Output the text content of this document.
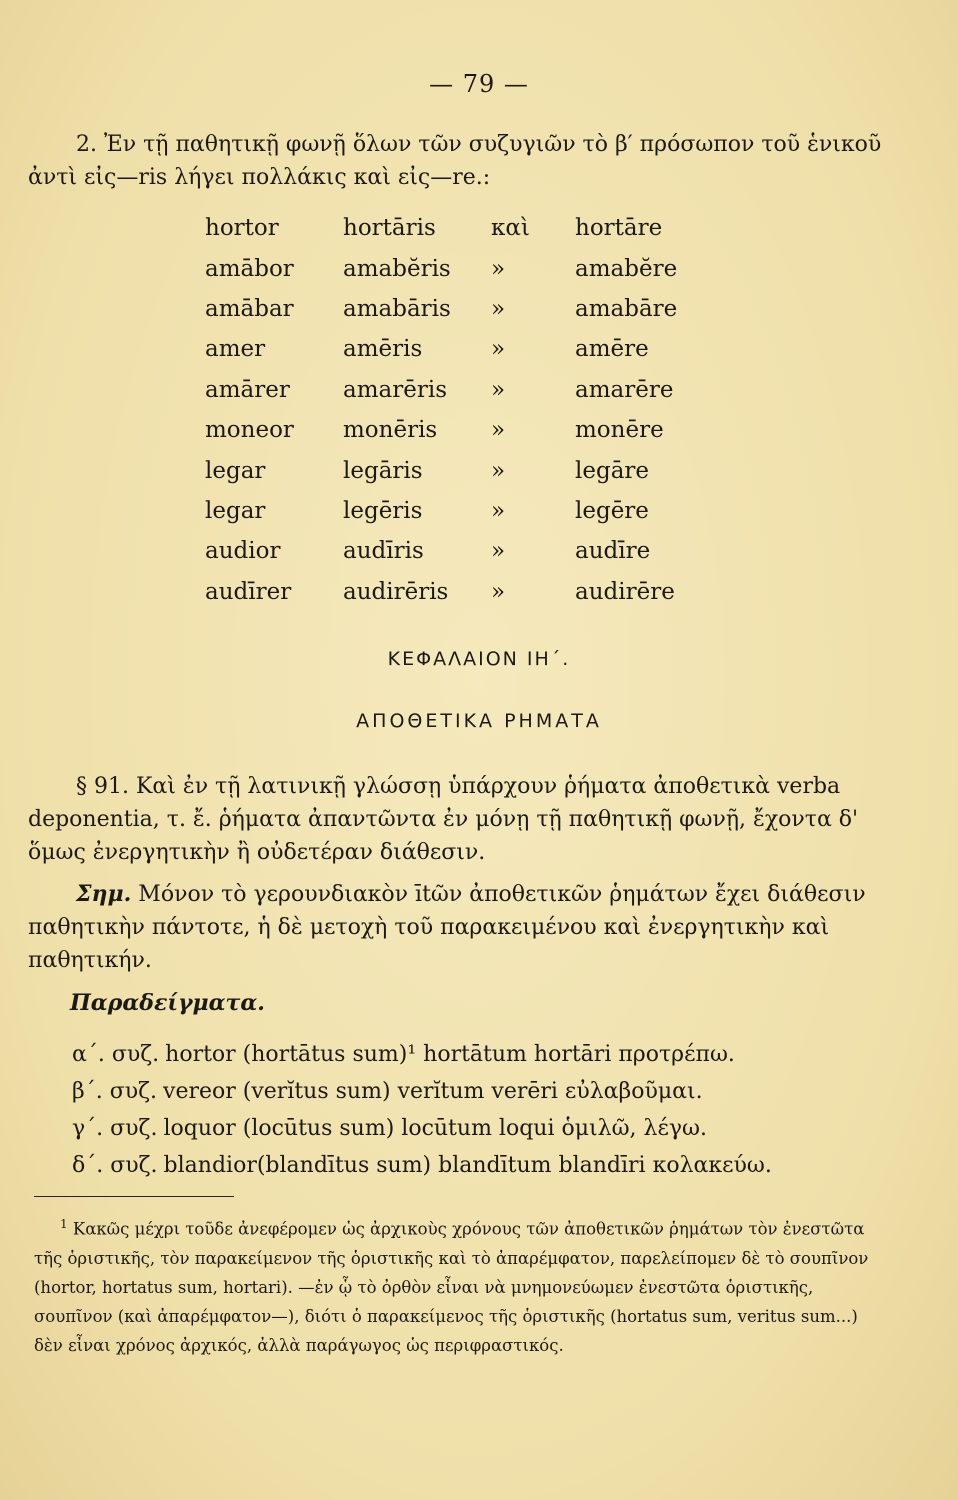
— 79 —
2. Ἐν τῇ παθητικῇ φωνῇ ὅλων τῶν συζυγιῶν τὸ β′ πρόσωπον τοῦ ἑνικοῦ ἀντὶ εἰς—ris λήγει πολλάκις καὶ εἰς—re.:
hortor	hortāris	καὶ	hortāre
amābor	amabĕris	»	amabĕre
amābar	amabāris	»	amabāre
amer	amēris	»	amēre
amārer	amarēris	»	amarēre
moneor	monēris	»	monēre
legar	legāris	»	legāre
legar	legēris	»	legēre
audior	audīris	»	audīre
audīrer	audirēris	»	audirēre
ΚΕΦΑΛΑΙΟΝ ΙΗ΄.
ΑΠΟΘΕΤΙΚΑ ΡΗΜΑΤΑ
§ 91. Καὶ ἐν τῇ λατινικῇ γλώσσῃ ὑπάρχουν ῥήματα ἀποθετικὰ verba deponentia, τ. ἔ. ῥήματα ἀπαντῶντα ἐν μόνῃ τῇ παθητικῇ φωνῇ, ἔχοντα δ' ὅμως ἐνεργητικὴν ἢ οὐδετέραν διάθεσιν.
Σημ. Μόνον τὸ γερουνδιακὸν ītῶν ἀποθετικῶν ῥημάτων ἔχει διάθεσιν παθητικὴν πάντοτε, ἡ δὲ μετοχὴ τοῦ παρακειμένου καὶ ἐνεργητικὴν καὶ παθητικήν.
Παραδείγματα.
α΄. συζ. hortor (hortātus sum)¹ hortātum hortāri προτρέπω.
β΄. συζ. vereor (verĭtus sum) verĭtum verēri εὐλαβοῦμαι.
γ΄. συζ. loquor (locūtus sum) locūtum loqui ὁμιλῶ, λέγω.
δ΄. συζ. blandior(blandītus sum) blandītum blandīri κολακεύω.
$^1$ Κακῶς μέχρι τοῦδε ἀνεφέρομεν ὡς ἀρχικοὺς χρόνους τῶν ἀποθετικῶν ῥημάτων τὸν ἐνεστῶτα τῆς ὁριστικῆς, τὸν παρακείμενον τῆς ὁριστικῆς καὶ τὸ ἀπαρέμφατον, παρελείπομεν δὲ τὸ σουπῖνον (hortor, hortatus sum, hortari). —ἐν ᾧ τὸ ὀρθὸν εἶναι νὰ μνημονεύωμεν ἐνεστῶτα ὁριστικῆς, σουπῖνον (καὶ ἀπαρέμφατον—), διότι ὁ παρακείμενος τῆς ὁριστικῆς (hortatus sum, veritus sum...) δὲν εἶναι χρόνος ἀρχικός, ἀλλὰ παράγωγος ὡς περιφραστικός.
